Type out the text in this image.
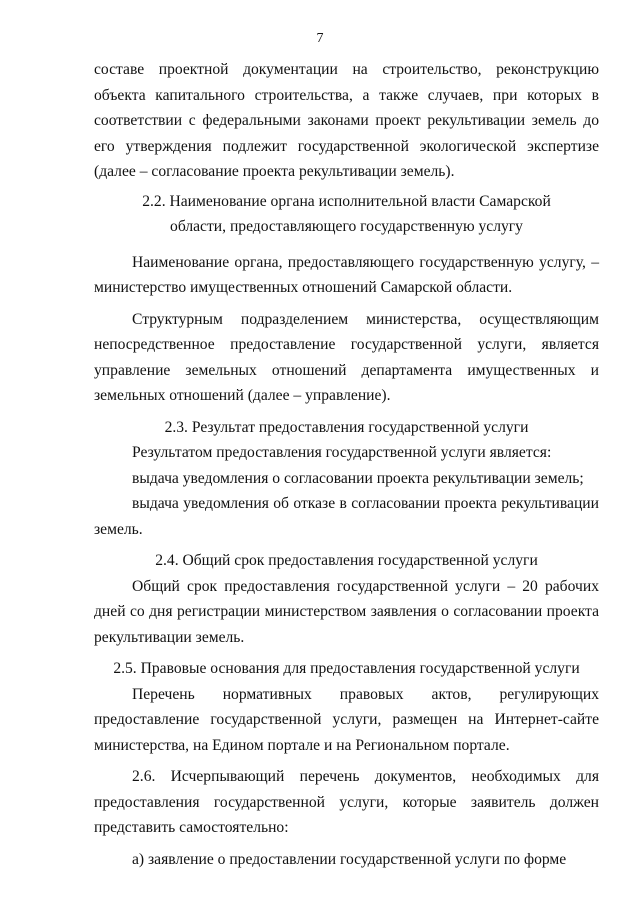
7

составе проектной документации на строительство, реконструкцию объекта капитального строительства, а также случаев, при которых в соответствии с федеральными законами проект рекультивации земель до его утверждения подлежит государственной экологической экспертизе (далее – согласование проекта рекультивации земель).

2.2. Наименование органа исполнительной власти Самарской
области, предоставляющего государственную услугу

Наименование органа, предоставляющего государственную услугу, – министерство имущественных отношений Самарской области.

Структурным подразделением министерства, осуществляющим непосредственное предоставление государственной услуги, является управление земельных отношений департамента имущественных и земельных отношений (далее – управление).

2.3. Результат предоставления государственной услуги

Результатом предоставления государственной услуги является:

выдача уведомления о согласовании проекта рекультивации земель;

выдача уведомления об отказе в согласовании проекта рекультивации земель.

2.4. Общий срок предоставления государственной услуги

Общий срок предоставления государственной услуги – 20 рабочих дней со дня регистрации министерством заявления о согласовании проекта рекультивации земель.

2.5. Правовые основания для предоставления государственной услуги

Перечень нормативных правовых актов, регулирующих предоставление государственной услуги, размещен на Интернет-сайте министерства, на Едином портале и на Региональном портале.

2.6. Исчерпывающий перечень документов, необходимых для предоставления государственной услуги, которые заявитель должен представить самостоятельно:

а) заявление о предоставлении государственной услуги по форме
